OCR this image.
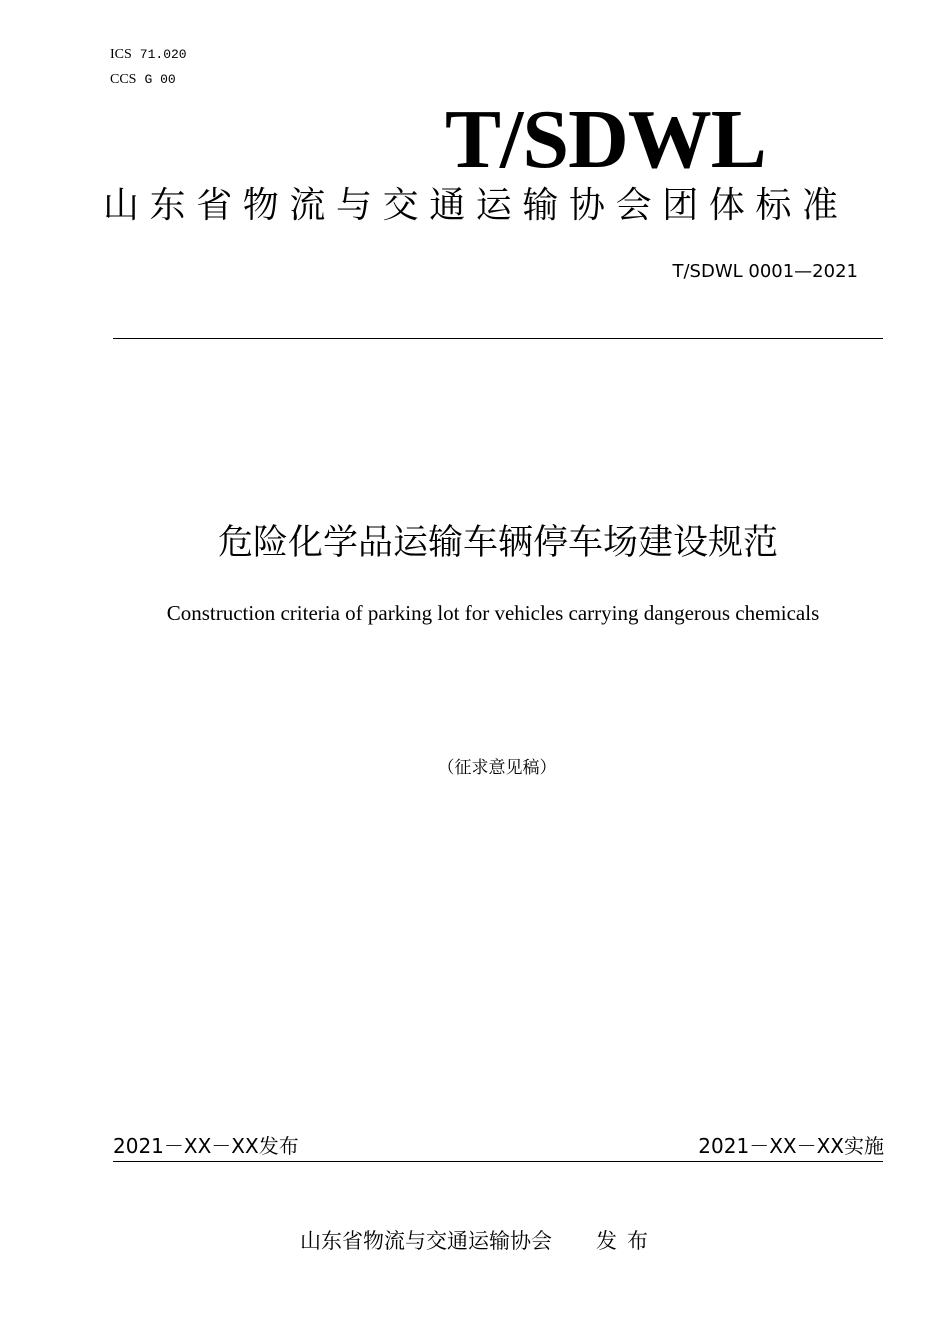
ICS 71.020
CCS G 00
T/SDWL
山东省物流与交通运输协会团体标准
T/SDWL 0001—2021
危险化学品运输车辆停车场建设规范
Construction criteria of parking lot for vehicles carrying dangerous chemicals
（征求意见稿）
2021－XX－XX发布	2021－XX－XX实施
山东省物流与交通运输协会 发布
